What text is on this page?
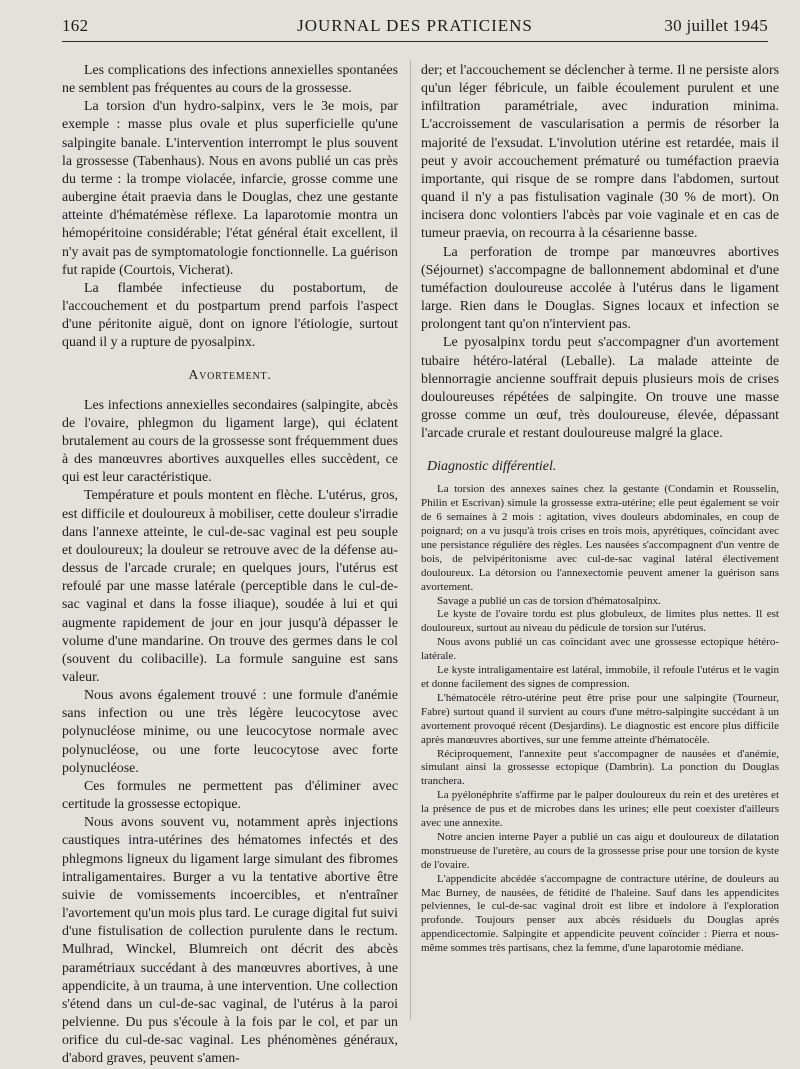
162	JOURNAL DES PRATICIENS	30 juillet 1945

Les complications des infections annexielles spontanées ne semblent pas fréquentes au cours de la grossesse.

La torsion d'un hydro-salpinx, vers le 3e mois, par exemple : masse plus ovale et plus superficielle qu'une salpingite banale. L'intervention interrompt le plus souvent la grossesse (Tabenhaus). Nous en avons publié un cas près du terme : la trompe violacée, infarcie, grosse comme une aubergine était praevia dans le Douglas, chez une gestante atteinte d'hématémèse réflexe. La laparotomie montra un hémopéritoine considérable; l'état général était excellent, il n'y avait pas de symptomatologie fonctionnelle. La guérison fut rapide (Courtois, Vicherat).

La flambée infectieuse du postabortum, de l'accouchement et du postpartum prend parfois l'aspect d'une péritonite aiguë, dont on ignore l'étiologie, surtout quand il y a rupture de pyosalpinx.

Avortement.

Les infections annexielles secondaires (salpingite, abcès de l'ovaire, phlegmon du ligament large), qui éclatent brutalement au cours de la grossesse sont fréquemment dues à des manœuvres abortives auxquelles elles succèdent, ce qui est leur caractéristique.

Température et pouls montent en flèche. L'utérus, gros, est difficile et douloureux à mobiliser, cette douleur s'irradie dans l'annexe atteinte, le cul-de-sac vaginal est peu souple et douloureux; la douleur se retrouve avec de la défense au-dessus de l'arcade crurale; en quelques jours, l'utérus est refoulé par une masse latérale (perceptible dans le cul-de-sac vaginal et dans la fosse iliaque), soudée à lui et qui augmente rapidement de jour en jour jusqu'à dépasser le volume d'une mandarine. On trouve des germes dans le col (souvent du colibacille). La formule sanguine est sans valeur.

Nous avons également trouvé : une formule d'anémie sans infection ou une très légère leucocytose avec polynucléose minime, ou une leucocytose normale avec polynucléose, ou une forte leucocytose avec forte polynucléose.

Ces formules ne permettent pas d'éliminer avec certitude la grossesse ectopique.

Nous avons souvent vu, notamment après injections caustiques intra-utérines des hématomes infectés et des phlegmons ligneux du ligament large simulant des fibromes intraligamentaires. Burger a vu la tentative abortive être suivie de vomissements incoercibles, et n'entraîner l'avortement qu'un mois plus tard. Le curage digital fut suivi d'une fistulisation de collection purulente dans le rectum. Mulhrad, Winckel, Blumreich ont décrit des abcès paramétriaux succédant à des manœuvres abortives, à une appendicite, à un trauma, à une intervention. Une collection s'étend dans un cul-de-sac vaginal, de l'utérus à la paroi pelvienne. Du pus s'écoule à la fois par le col, et par un orifice du cul-de-sac vaginal. Les phénomènes généraux, d'abord graves, peuvent s'amen-

der; et l'accouchement se déclencher à terme. Il ne persiste alors qu'un léger fébricule, un faible écoulement purulent et une infiltration paramétriale, avec induration minima. L'accroissement de vascularisation a permis de résorber la majorité de l'exsudat. L'involution utérine est retardée, mais il peut y avoir accouchement prématuré ou tuméfaction praevia importante, qui risque de se rompre dans l'abdomen, surtout quand il n'y a pas fistulisation vaginale (30 % de mort). On incisera donc volontiers l'abcès par voie vaginale et en cas de tumeur praevia, on recourra à la césarienne basse.

La perforation de trompe par manœuvres abortives (Séjournet) s'accompagne de ballonnement abdominal et d'une tuméfaction douloureuse accolée à l'utérus dans le ligament large. Rien dans le Douglas. Signes locaux et infection se prolongent tant qu'on n'intervient pas.

Le pyosalpinx tordu peut s'accompagner d'un avortement tubaire hétéro-latéral (Leballe). La malade atteinte de blennorragie ancienne souffrait depuis plusieurs mois de crises douloureuses répétées de salpingite. On trouve une masse grosse comme un œuf, très douloureuse, élevée, dépassant l'arcade crurale et restant douloureuse malgré la glace.

Diagnostic différentiel.

La torsion des annexes saines chez la gestante (Condamin et Rousselin, Philin et Escrivan) simule la grossesse extra-utérine; elle peut également se voir de 6 semaines à 2 mois : agitation, vives douleurs abdominales, en coup de poignard; on a vu jusqu'à trois crises en trois mois, apyrétiques, coïncidant avec une persistance régulière des règles. Les nausées s'accompagnent d'un ventre de bois, de pelvipéritonisme avec cul-de-sac vaginal latéral électivement douloureux. La détorsion ou l'annexectomie peuvent amener la guérison sans avortement.

Savage a publié un cas de torsion d'hématosalpinx.

Le kyste de l'ovaire tordu est plus globuleux, de limites plus nettes. Il est douloureux, surtout au niveau du pédicule de torsion sur l'utérus.

Nous avons publié un cas coïncidant avec une grossesse ectopique hétéro-latérale.

Le kyste intraligamentaire est latéral, immobile, il refoule l'utérus et le vagin et donne facilement des signes de compression.

L'hématocèle rétro-utérine peut être prise pour une salpingite (Tourneur, Fabre) surtout quand il survient au cours d'une métro-salpingite succédant à un avortement provoqué récent (Desjardins). Le diagnostic est encore plus difficile après manœuvres abortives, sur une femme atteinte d'hématocèle.

Réciproquement, l'annexite peut s'accompagner de nausées et d'anémie, simulant ainsi la grossesse ectopique (Dambrin). La ponction du Douglas tranchera.

La pyélonéphrite s'affirme par le palper douloureux du rein et des uretères et la présence de pus et de microbes dans les urines; elle peut coexister d'ailleurs avec une annexite.

Notre ancien interne Payer a publié un cas aigu et douloureux de dilatation monstrueuse de l'uretère, au cours de la grossesse prise pour une torsion de kyste de l'ovaire.

L'appendicite abcédée s'accompagne de contracture utérine, de douleurs au Mac Burney, de nausées, de fétidité de l'haleine. Sauf dans les appendicites pelviennes, le cul-de-sac vaginal droit est libre et indolore à l'exploration profonde. Toujours penser aux abcès résiduels du Douglas après appendicectomie. Salpingite et appendicite peuvent coïncider : Pierra et nous-même sommes très partisans, chez la femme, d'une laparotomie médiane.
